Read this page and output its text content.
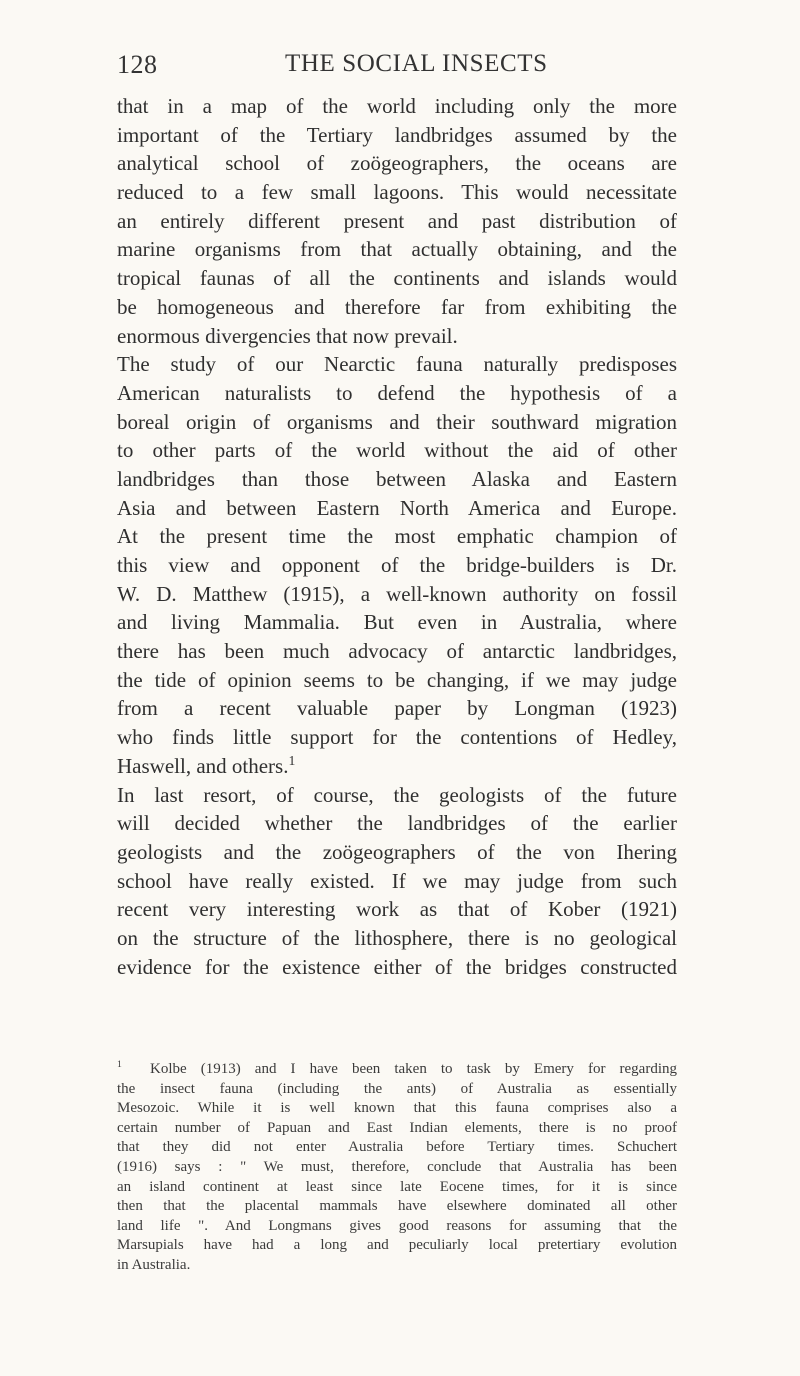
128	THE SOCIAL INSECTS
that in a map of the world including only the more
important of the Tertiary landbridges assumed by the
analytical school of zoögeographers, the oceans are
reduced to a few small lagoons. This would necessitate
an entirely different present and past distribution of
marine organisms from that actually obtaining, and the
tropical faunas of all the continents and islands would
be homogeneous and therefore far from exhibiting the
enormous divergencies that now prevail.
The study of our Nearctic fauna naturally predisposes
American naturalists to defend the hypothesis of a
boreal origin of organisms and their southward migration
to other parts of the world without the aid of other
landbridges than those between Alaska and Eastern
Asia and between Eastern North America and Europe.
At the present time the most emphatic champion of
this view and opponent of the bridge-builders is Dr.
W. D. Matthew (1915), a well-known authority on fossil
and living Mammalia. But even in Australia, where
there has been much advocacy of antarctic landbridges,
the tide of opinion seems to be changing, if we may judge
from a recent valuable paper by Longman (1923)
who finds little support for the contentions of Hedley,
Haswell, and others.$^1$
In last resort, of course, the geologists of the future
will decided whether the landbridges of the earlier
geologists and the zoögeographers of the von Ihering
school have really existed. If we may judge from such
recent very interesting work as that of Kober (1921)
on the structure of the lithosphere, there is no geological
evidence for the existence either of the bridges constructed
$^1$ Kolbe (1913) and I have been taken to task by Emery for regarding
the insect fauna (including the ants) of Australia as essentially
Mesozoic. While it is well known that this fauna comprises also a
certain number of Papuan and East Indian elements, there is no proof
that they did not enter Australia before Tertiary times. Schuchert
(1916) says : " We must, therefore, conclude that Australia has been
an island continent at least since late Eocene times, for it is since
then that the placental mammals have elsewhere dominated all other
land life ". And Longmans gives good reasons for assuming that the
Marsupials have had a long and peculiarly local pretertiary evolution
in Australia.
